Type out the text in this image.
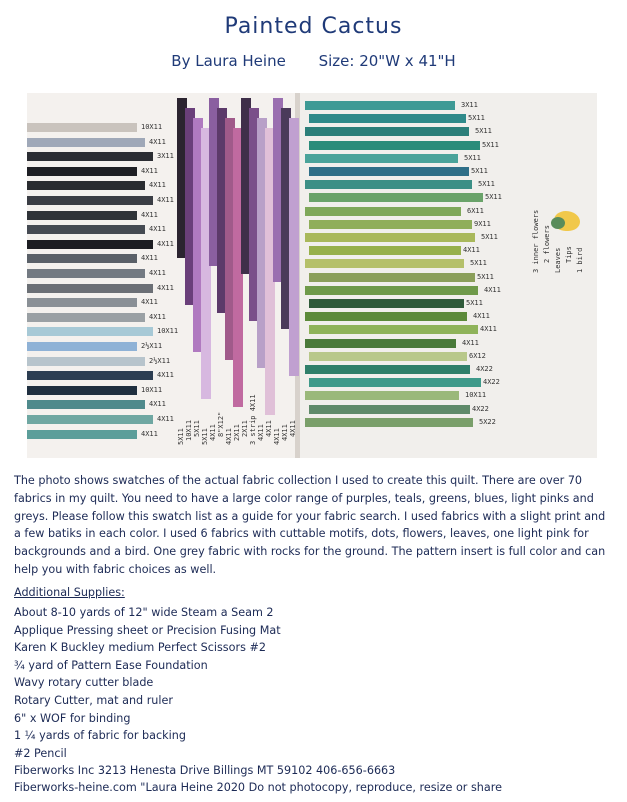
Painted Cactus
By Laura Heine Size: 20"W x 41"H
10X11
4X11
3X11
4X11
4X11
4X11
4X11
4X11
4X11
4X11
4X11
4X11
4X11
4X11
10X11
2½X11
2½X11
4X11
10X11
4X11
4X11
4X11
3X11
5X11
5X11
5X11
5X11
5X11
5X11
5X11
6X11
9X11
5X11
4X11
5X11
5X11
4X11
5X11
4X11
4X11
4X11
6X12
4X22
4X22
10X11
4X22
5X22
5X11 10X11 5X11 5X11 4X11 8"X12" 4X11 2X11 2X11 3 strip 4X11 4X11 4X11 4X11 4X11 4X11
3 inner flowers 2 flowers Leaves Tips 1 bird
The photo shows swatches of the actual fabric collection I used to create this quilt. There are over 70 fabrics in my quilt. You need to have a large color range of purples, teals, greens, blues, light pinks and greys. Please follow this swatch list as a guide for your fabric search. I used fabrics with a slight print and a few batiks in each color. I used 6 fabrics with cuttable motifs, dots, flowers, leaves, one light pink for backgrounds and a bird. One grey fabric with rocks for the ground. The pattern insert is full color and can help you with fabric choices as well.
Additional Supplies:
About 8-10 yards of 12" wide Steam a Seam 2
Applique Pressing sheet or Precision Fusing Mat
Karen K Buckley medium Perfect Scissors #2
¾ yard of Pattern Ease Foundation
Wavy rotary cutter blade
Rotary Cutter, mat and ruler
6" x WOF for binding
1 ¼ yards of fabric for backing
#2 Pencil
Fiberworks Inc 3213 Henesta Drive Billings MT 59102 406-656-6663
Fiberworks-heine.com "Laura Heine 2020 Do not photocopy, reproduce, resize or share
